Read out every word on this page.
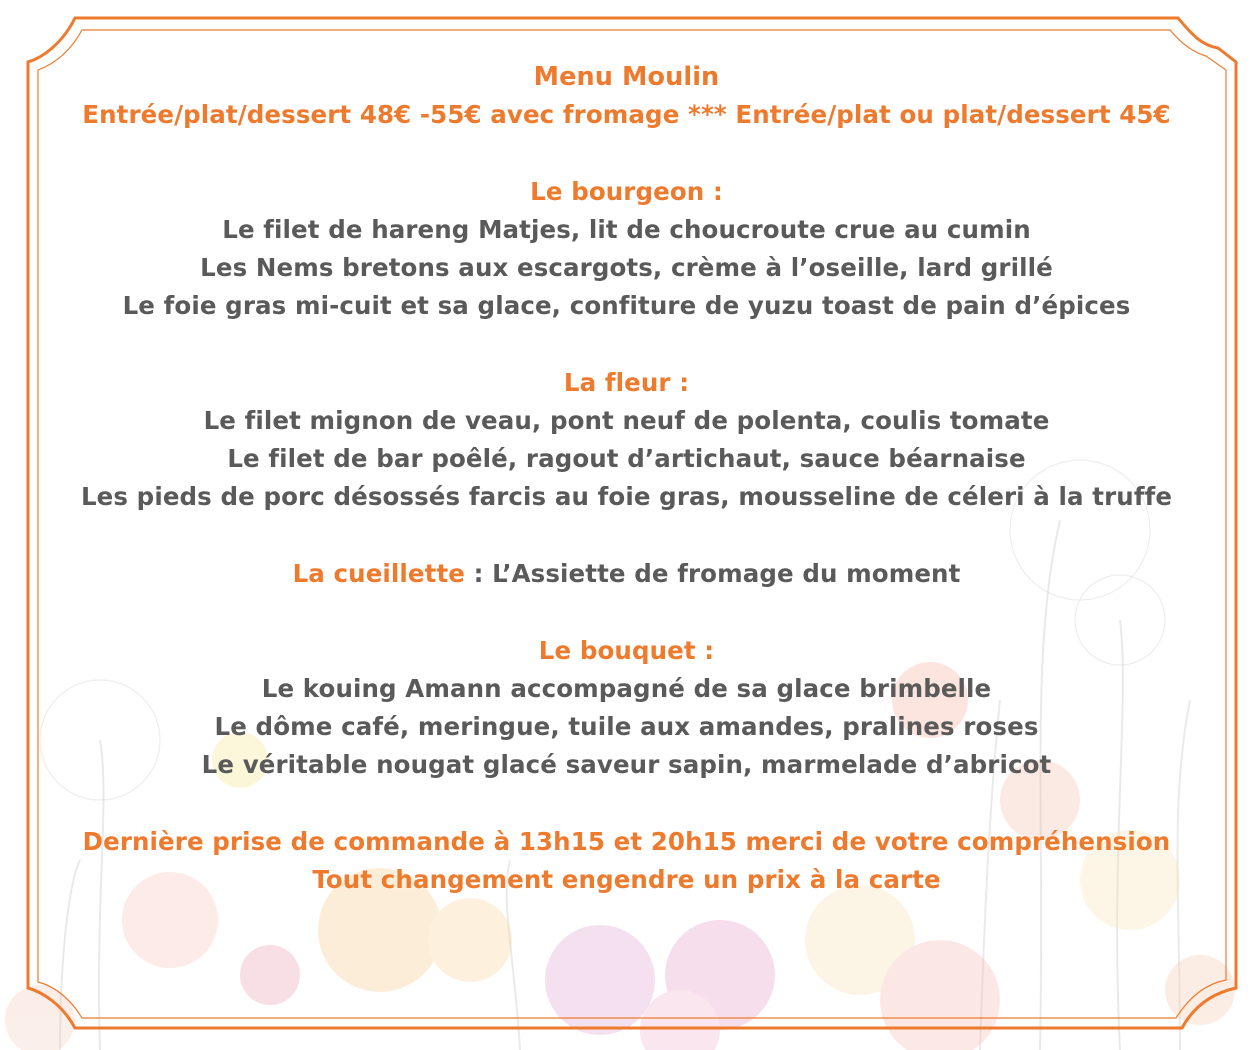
Menu Moulin
Entrée/plat/dessert 48€ -55€ avec fromage *** Entrée/plat ou plat/dessert 45€
Le bourgeon :
Le filet de hareng Matjes, lit de choucroute crue au cumin
Les Nems bretons aux escargots, crème à l’oseille, lard grillé
Le foie gras mi-cuit et sa glace, confiture de yuzu toast de pain d’épices
La fleur :
Le filet mignon de veau, pont neuf de polenta, coulis tomate
Le filet de bar poêlé, ragout d’artichaut, sauce béarnaise
Les pieds de porc désossés farcis au foie gras, mousseline de céleri à la truffe
La cueillette : L’Assiette de fromage du moment
Le bouquet :
Le kouing Amann accompagné de sa glace brimbelle
Le dôme café, meringue, tuile aux amandes, pralines roses
Le véritable nougat glacé saveur sapin, marmelade d’abricot
Dernière prise de commande à 13h15 et 20h15 merci de votre compréhension
Tout changement engendre un prix à la carte
